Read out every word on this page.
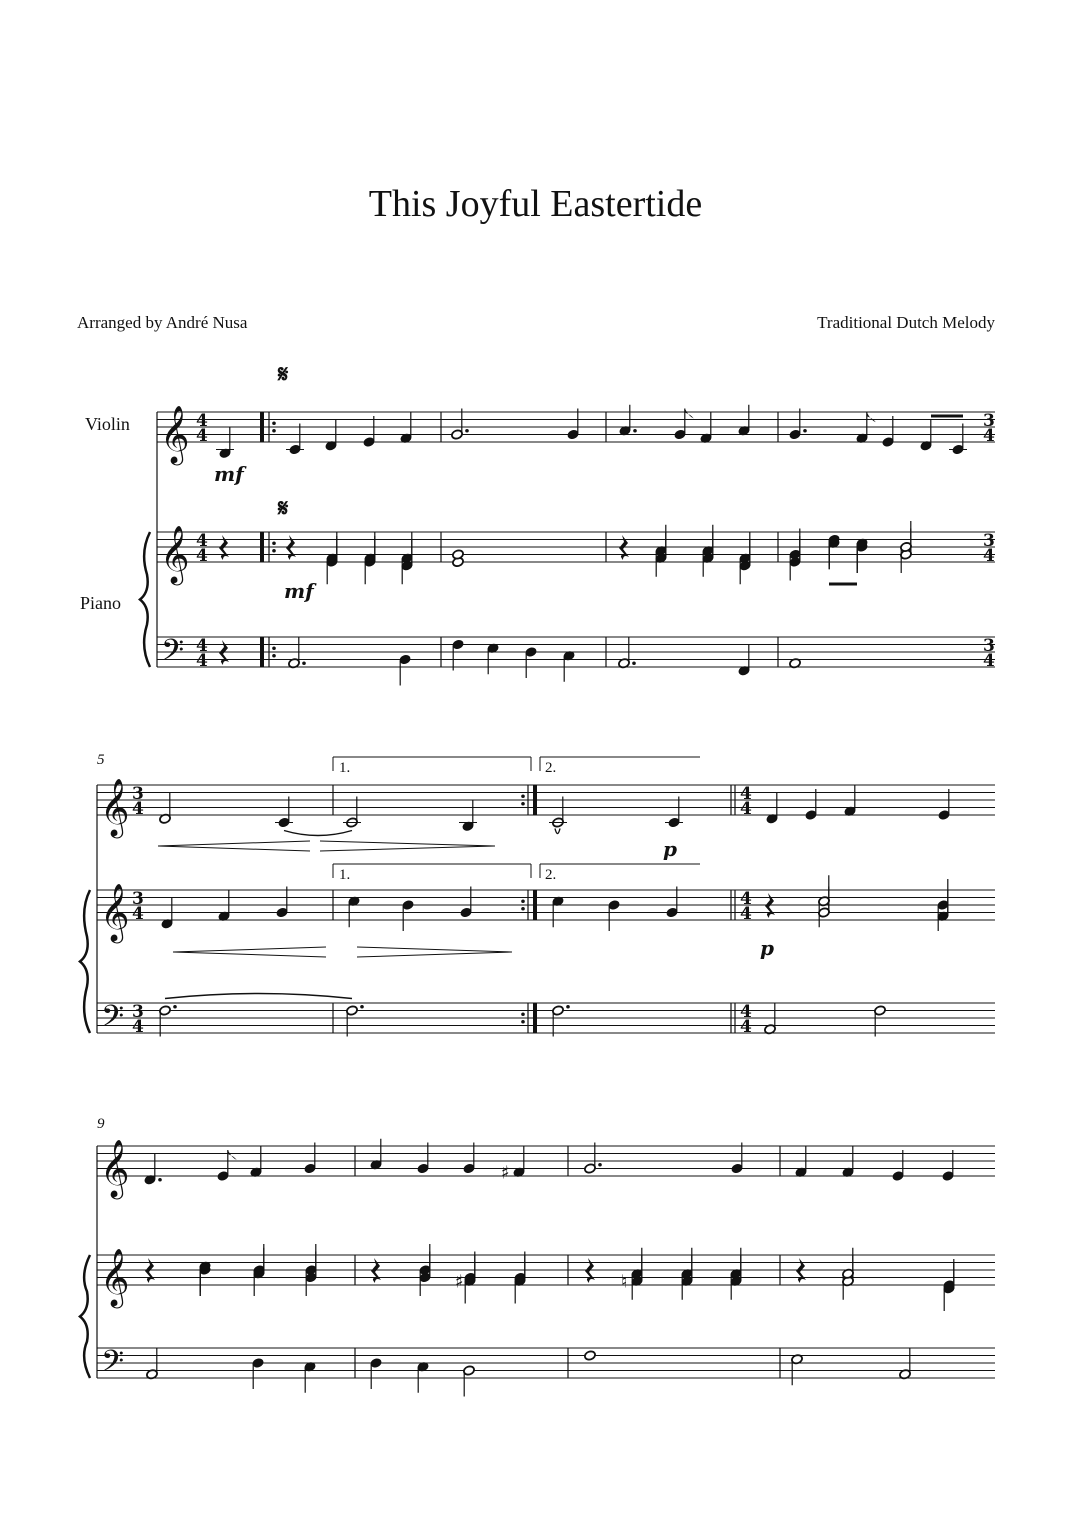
This Joyful Eastertide
Arranged by André Nusa	Traditional Dutch Melody
Violin
Piano
5
9
𝄋
𝄋
mf
mf
p
p
1.	2.
1.	2.
𝄞
𝄞
𝄢
4
4
4
4
4
4
3
4
3
4
3
4
𝄞
𝄞
𝄢
3
4
3
4
3
4
4
4
4
4
4
4
𝄞
𝄞
𝄢
♯
♯	♮
